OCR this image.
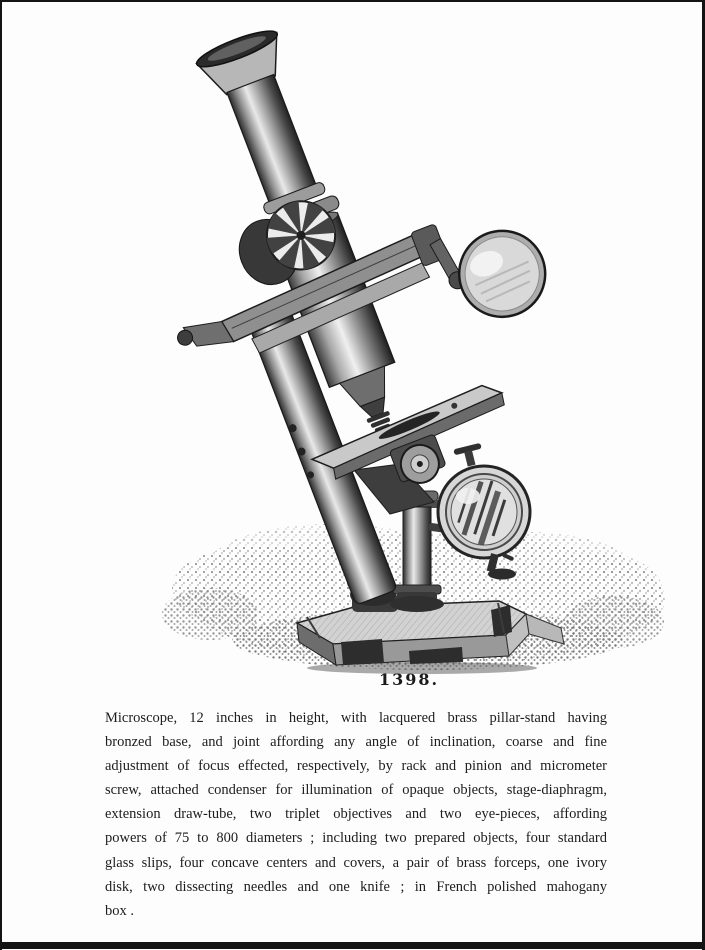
1398.
Microscope, 12 inches in height, with lacquered brass pillar-stand having
bronzed base, and joint affording any angle of inclination, coarse and fine
adjustment of focus effected, respectively, by rack and pinion and micrometer
screw, attached condenser for illumination of opaque objects, stage-diaphragm,
extension draw-tube, two triplet objectives and two eye-pieces, affording
powers of 75 to 800 diameters ; including two prepared objects, four standard
glass slips, four concave centers and covers, a pair of brass forceps, one ivory
disk, two dissecting needles and one knife ; in French polished mahogany
box .
